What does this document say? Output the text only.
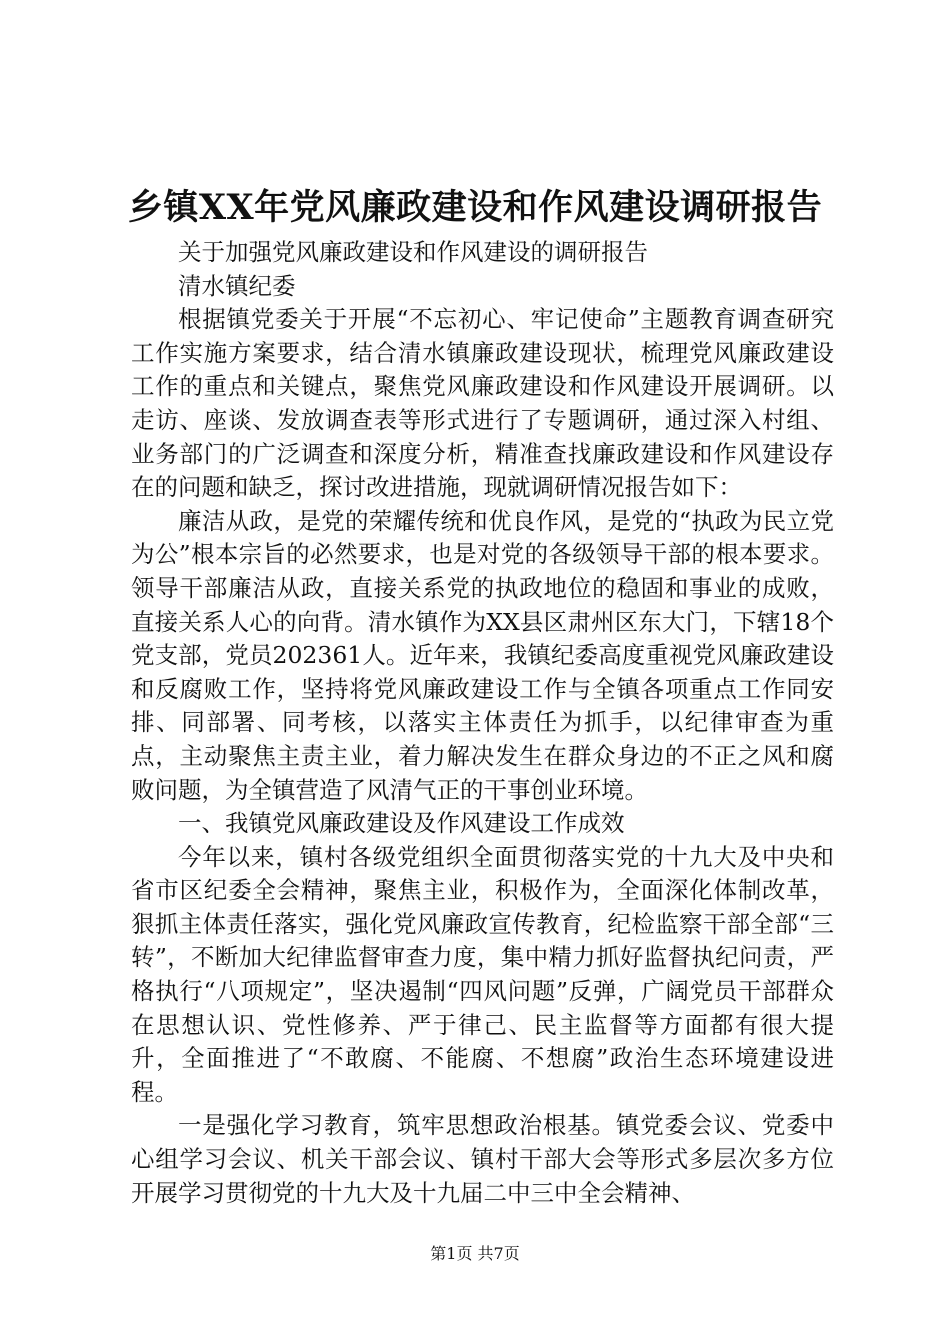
乡镇XX年党风廉政建设和作风建设调研报告

关于加强党风廉政建设和作风建设的调研报告

清水镇纪委

根据镇党委关于开展“不忘初心、牢记使命”主题教育调查研究工作实施方案要求，结合清水镇廉政建设现状，梳理党风廉政建设工作的重点和关键点，聚焦党风廉政建设和作风建设开展调研。以走访、座谈、发放调查表等形式进行了专题调研，通过深入村组、业务部门的广泛调查和深度分析，精准查找廉政建设和作风建设存在的问题和缺乏，探讨改进措施，现就调研情况报告如下：

廉洁从政，是党的荣耀传统和优良作风，是党的“执政为民立党为公”根本宗旨的必然要求，也是对党的各级领导干部的根本要求。领导干部廉洁从政，直接关系党的执政地位的稳固和事业的成败，直接关系人心的向背。清水镇作为XX县区肃州区东大门，下辖18个党支部，党员202361人。近年来，我镇纪委高度重视党风廉政建设和反腐败工作，坚持将党风廉政建设工作与全镇各项重点工作同安排、同部署、同考核，以落实主体责任为抓手，以纪律审查为重点，主动聚焦主责主业，着力解决发生在群众身边的不正之风和腐败问题，为全镇营造了风清气正的干事创业环境。

一、我镇党风廉政建设及作风建设工作成效

今年以来，镇村各级党组织全面贯彻落实党的十九大及中央和省市区纪委全会精神，聚焦主业，积极作为，全面深化体制改革，狠抓主体责任落实，强化党风廉政宣传教育，纪检监察干部全部“三转”，不断加大纪律监督审查力度，集中精力抓好监督执纪问责，严格执行“八项规定”，坚决遏制“四风问题”反弹，广阔党员干部群众在思想认识、党性修养、严于律己、民主监督等方面都有很大提升，全面推进了“不敢腐、不能腐、不想腐”政治生态环境建设进程。

一是强化学习教育，筑牢思想政治根基。镇党委会议、党委中心组学习会议、机关干部会议、镇村干部大会等形式多层次多方位开展学习贯彻党的十九大及十九届二中三中全会精神、

第1页 共7页
